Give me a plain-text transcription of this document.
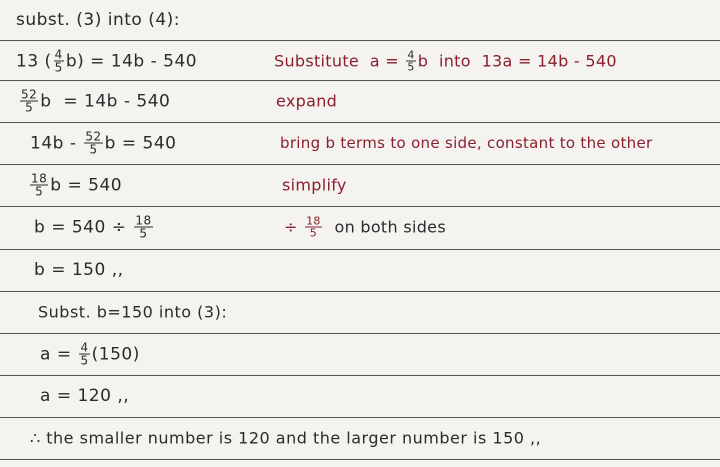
subst. (3) into (4):
13 ( $\frac{4}{5} b) = 14b - 540$	Substitute  $a = \frac{4}{5}$ b  into  13a = 14b - 540
$\frac{52}{5}$ b  = 14b - 540	expand
$14b - \frac{52}{5}$ b = 540	bring b terms to one side, constant to the other
$\frac{18}{5}$ b = 540	simplify
$b = 540 \div \frac{18}{5}$	÷ $\frac{18}{5}$ on both sides
b = 150 ,,
Subst. b=150 into (3):
$a = \frac{4}{5} (150)$
a = 120 ,,
∴ the smaller number is 120 and the larger number is 150 ,,
